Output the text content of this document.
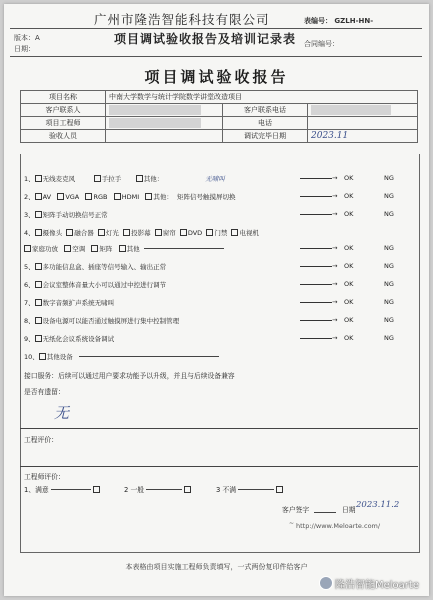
广州市隆浩智能科技有限公司
版本：A
日期：
项目调试验收报告及培训记录表
表编号： GZLH-HN-
合同编号：
项目调试验收报告
项目名称	中南大学数学与统计学院数学讲堂改造项目		
客户联系人		客户联系电话	
项目工程师		电话	
验收人员		调试完毕日期	2023.11
1、 无线麦克风	手拉手	其他：	无啸叫	→ OK	NG
2、 AV VGA RGB HDMI 其他： 矩阵信号触摸屏切换	→ OK	NG
3、 矩阵手动切换信号正常	→ OK	NG
4、 摄像头 融合器 灯光 投影幕 窗帘 DVD 门禁 电视机
家庭功放 空调 矩阵 其他	→ OK	NG
5、 多功能信息盒、插座等信号输入、输出正常	→ OK	NG
6、 会议室整体音量大小可以通过中控进行调节	→ OK	NG
7、 数字音频扩声系统无啸叫	→ OK	NG
8、 设备电源可以能否通过触摸屏进行集中控制管理	→ OK	NG
9、 无纸化会议系统设备调试	→ OK	NG
10、 其他设备
接口服务：后续可以通过用户要求功能予以升级，并且与后续设备兼容
是否有遗留：
无
工程评价：
工程师评价：
1、满意	2 一般	3 不满
客户签字	日期 2023.11.2
http://www.Meloarte.com/
~
本表格由项目实施工程师负责填写，一式两份复印件给客户
隆浩智能Meloarte
